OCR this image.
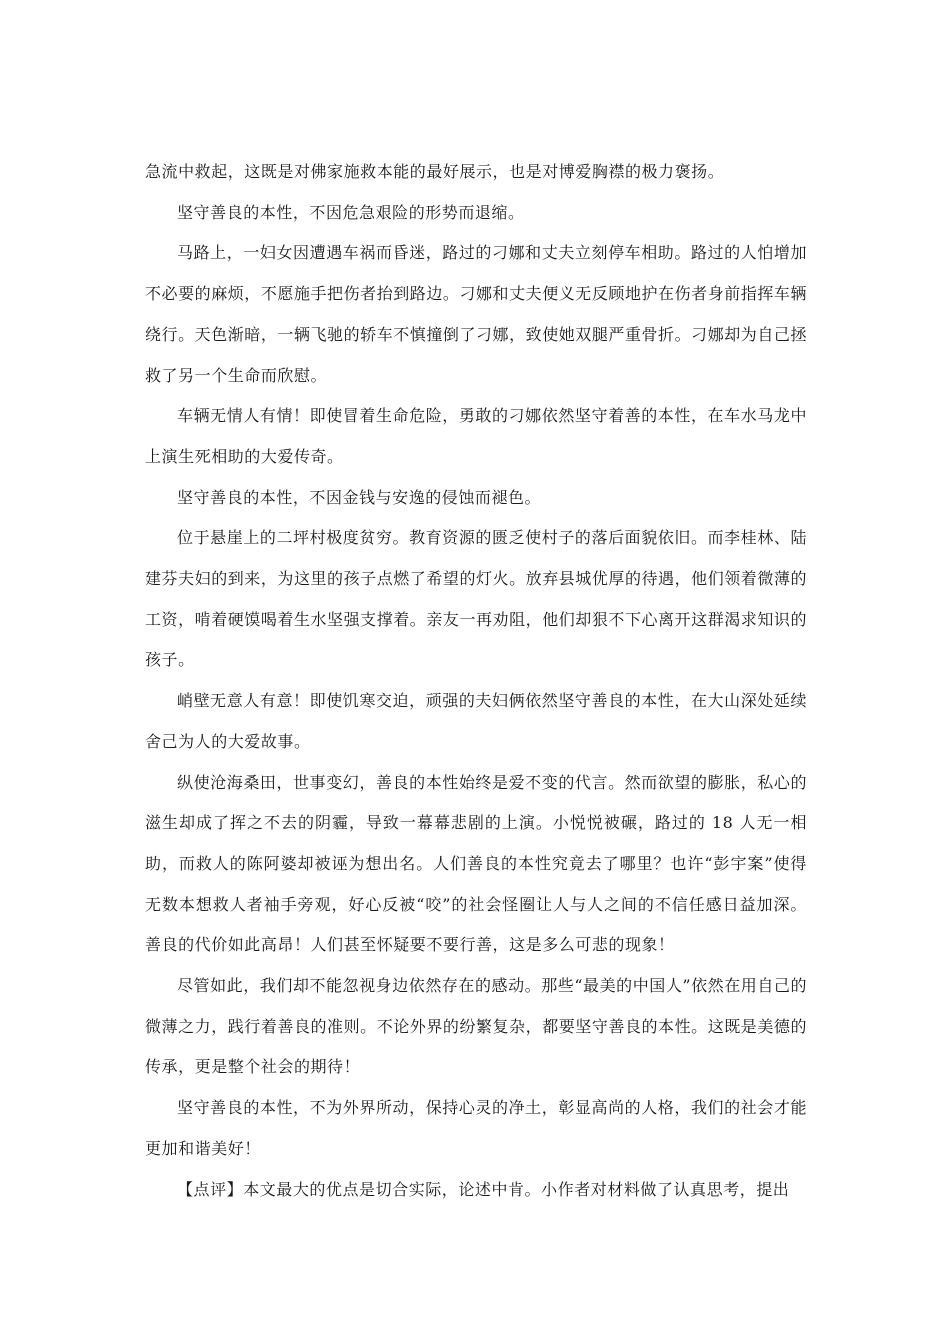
急流中救起，这既是对佛家施救本能的最好展示，也是对博爱胸襟的极力褒扬。

坚守善良的本性，不因危急艰险的形势而退缩。

马路上，一妇女因遭遇车祸而昏迷，路过的刁娜和丈夫立刻停车相助。路过的人怕增加不必要的麻烦，不愿施手把伤者抬到路边。刁娜和丈夫便义无反顾地护在伤者身前指挥车辆绕行。天色渐暗，一辆飞驰的轿车不慎撞倒了刁娜，致使她双腿严重骨折。刁娜却为自己拯救了另一个生命而欣慰。

车辆无情人有情！即使冒着生命危险，勇敢的刁娜依然坚守着善的本性，在车水马龙中上演生死相助的大爱传奇。

坚守善良的本性，不因金钱与安逸的侵蚀而褪色。

位于悬崖上的二坪村极度贫穷。教育资源的匮乏使村子的落后面貌依旧。而李桂林、陆建芬夫妇的到来，为这里的孩子点燃了希望的灯火。放弃县城优厚的待遇，他们领着微薄的工资，啃着硬馍喝着生水坚强支撑着。亲友一再劝阻，他们却狠不下心离开这群渴求知识的孩子。

峭壁无意人有意！即使饥寒交迫，顽强的夫妇俩依然坚守善良的本性，在大山深处延续舍己为人的大爱故事。

纵使沧海桑田，世事变幻，善良的本性始终是爱不变的代言。然而欲望的膨胀，私心的滋生却成了挥之不去的阴霾，导致一幕幕悲剧的上演。小悦悦被碾，路过的 18 人无一相助，而救人的陈阿婆却被诬为想出名。人们善良的本性究竟去了哪里？也许“彭宇案”使得无数本想救人者袖手旁观，好心反被“咬”的社会怪圈让人与人之间的不信任感日益加深。善良的代价如此高昂！人们甚至怀疑要不要行善，这是多么可悲的现象！

尽管如此，我们却不能忽视身边依然存在的感动。那些“最美的中国人”依然在用自己的微薄之力，践行着善良的准则。不论外界的纷繁复杂，都要坚守善良的本性。这既是美德的传承，更是整个社会的期待！

坚守善良的本性，不为外界所动，保持心灵的净土，彰显高尚的人格，我们的社会才能更加和谐美好！

【点评】本文最大的优点是切合实际，论述中肯。小作者对材料做了认真思考，提出
